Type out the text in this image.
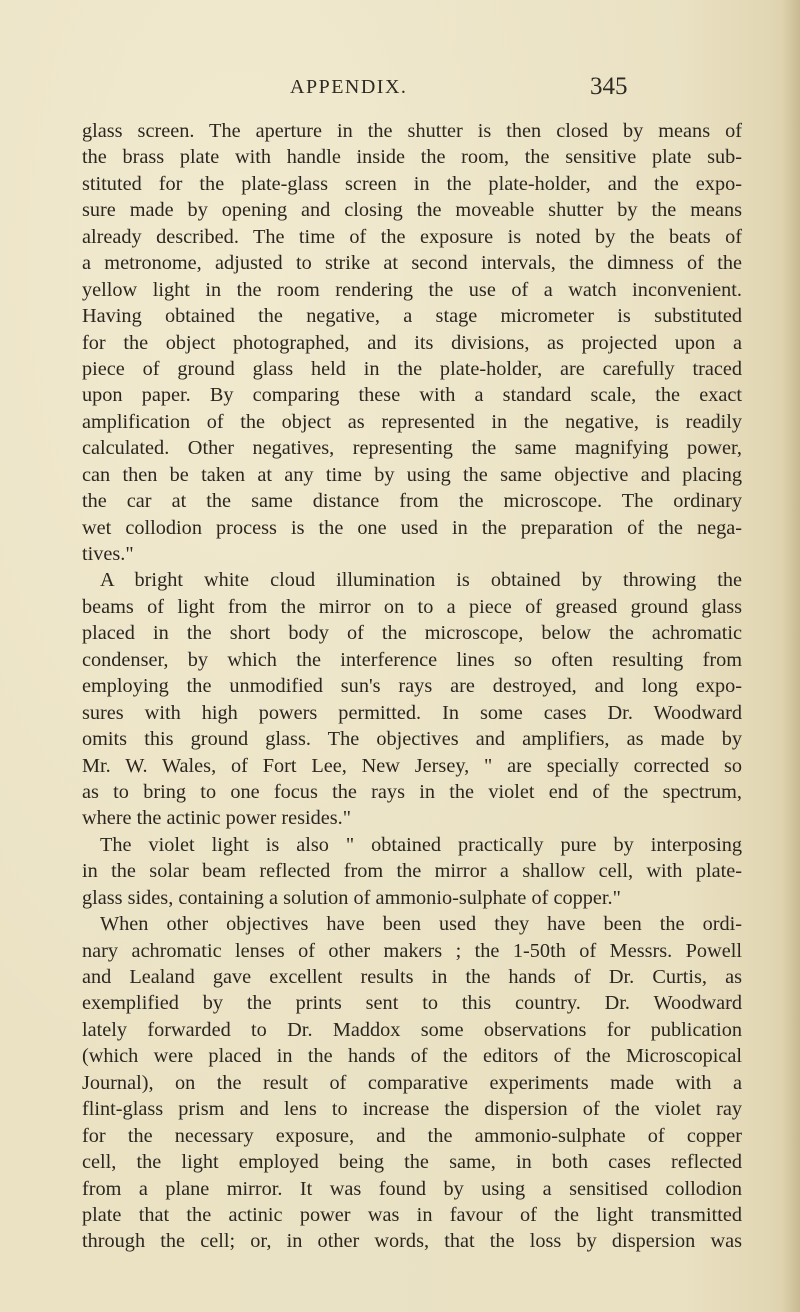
APPENDIX.	345
glass screen. The aperture in the shutter is then closed by means of
the brass plate with handle inside the room, the sensitive plate sub-
stituted for the plate-glass screen in the plate-holder, and the expo-
sure made by opening and closing the moveable shutter by the means
already described. The time of the exposure is noted by the beats of
a metronome, adjusted to strike at second intervals, the dimness of the
yellow light in the room rendering the use of a watch inconvenient.
Having obtained the negative, a stage micrometer is substituted
for the object photographed, and its divisions, as projected upon a
piece of ground glass held in the plate-holder, are carefully traced
upon paper. By comparing these with a standard scale, the exact
amplification of the object as represented in the negative, is readily
calculated. Other negatives, representing the same magnifying power,
can then be taken at any time by using the same objective and placing
the car at the same distance from the microscope. The ordinary
wet collodion process is the one used in the preparation of the nega-
tives."
A bright white cloud illumination is obtained by throwing the
beams of light from the mirror on to a piece of greased ground glass
placed in the short body of the microscope, below the achromatic
condenser, by which the interference lines so often resulting from
employing the unmodified sun's rays are destroyed, and long expo-
sures with high powers permitted. In some cases Dr. Woodward
omits this ground glass. The objectives and amplifiers, as made by
Mr. W. Wales, of Fort Lee, New Jersey, " are specially corrected so
as to bring to one focus the rays in the violet end of the spectrum,
where the actinic power resides."
The violet light is also " obtained practically pure by interposing
in the solar beam reflected from the mirror a shallow cell, with plate-
glass sides, containing a solution of ammonio-sulphate of copper."
When other objectives have been used they have been the ordi-
nary achromatic lenses of other makers ; the 1-50th of Messrs. Powell
and Lealand gave excellent results in the hands of Dr. Curtis, as
exemplified by the prints sent to this country. Dr. Woodward
lately forwarded to Dr. Maddox some observations for publication
(which were placed in the hands of the editors of the Microscopical
Journal), on the result of comparative experiments made with a
flint-glass prism and lens to increase the dispersion of the violet ray
for the necessary exposure, and the ammonio-sulphate of copper
cell, the light employed being the same, in both cases reflected
from a plane mirror. It was found by using a sensitised collodion
plate that the actinic power was in favour of the light transmitted
through the cell; or, in other words, that the loss by dispersion was
